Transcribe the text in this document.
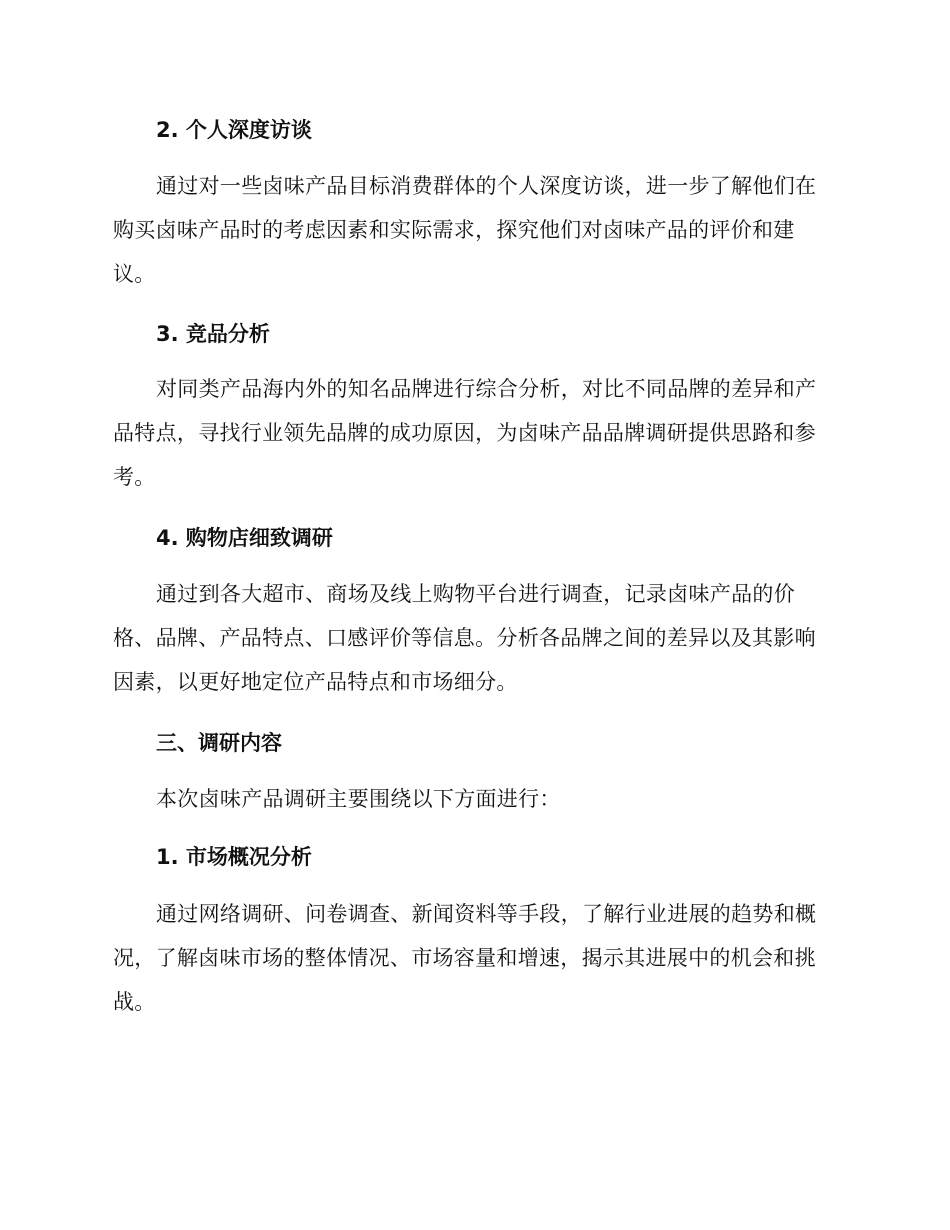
2. 个人深度访谈

通过对一些卤味产品目标消费群体的个人深度访谈，进一步了解他们在购买卤味产品时的考虑因素和实际需求，探究他们对卤味产品的评价和建议。

3. 竞品分析

对同类产品海内外的知名品牌进行综合分析，对比不同品牌的差异和产品特点，寻找行业领先品牌的成功原因，为卤味产品品牌调研提供思路和参考。

4. 购物店细致调研

通过到各大超市、商场及线上购物平台进行调查，记录卤味产品的价格、品牌、产品特点、口感评价等信息。分析各品牌之间的差异以及其影响因素，以更好地定位产品特点和市场细分。

三、调研内容

本次卤味产品调研主要围绕以下方面进行：

1. 市场概况分析

通过网络调研、问卷调查、新闻资料等手段，了解行业进展的趋势和概况，了解卤味市场的整体情况、市场容量和增速，揭示其进展中的机会和挑战。
